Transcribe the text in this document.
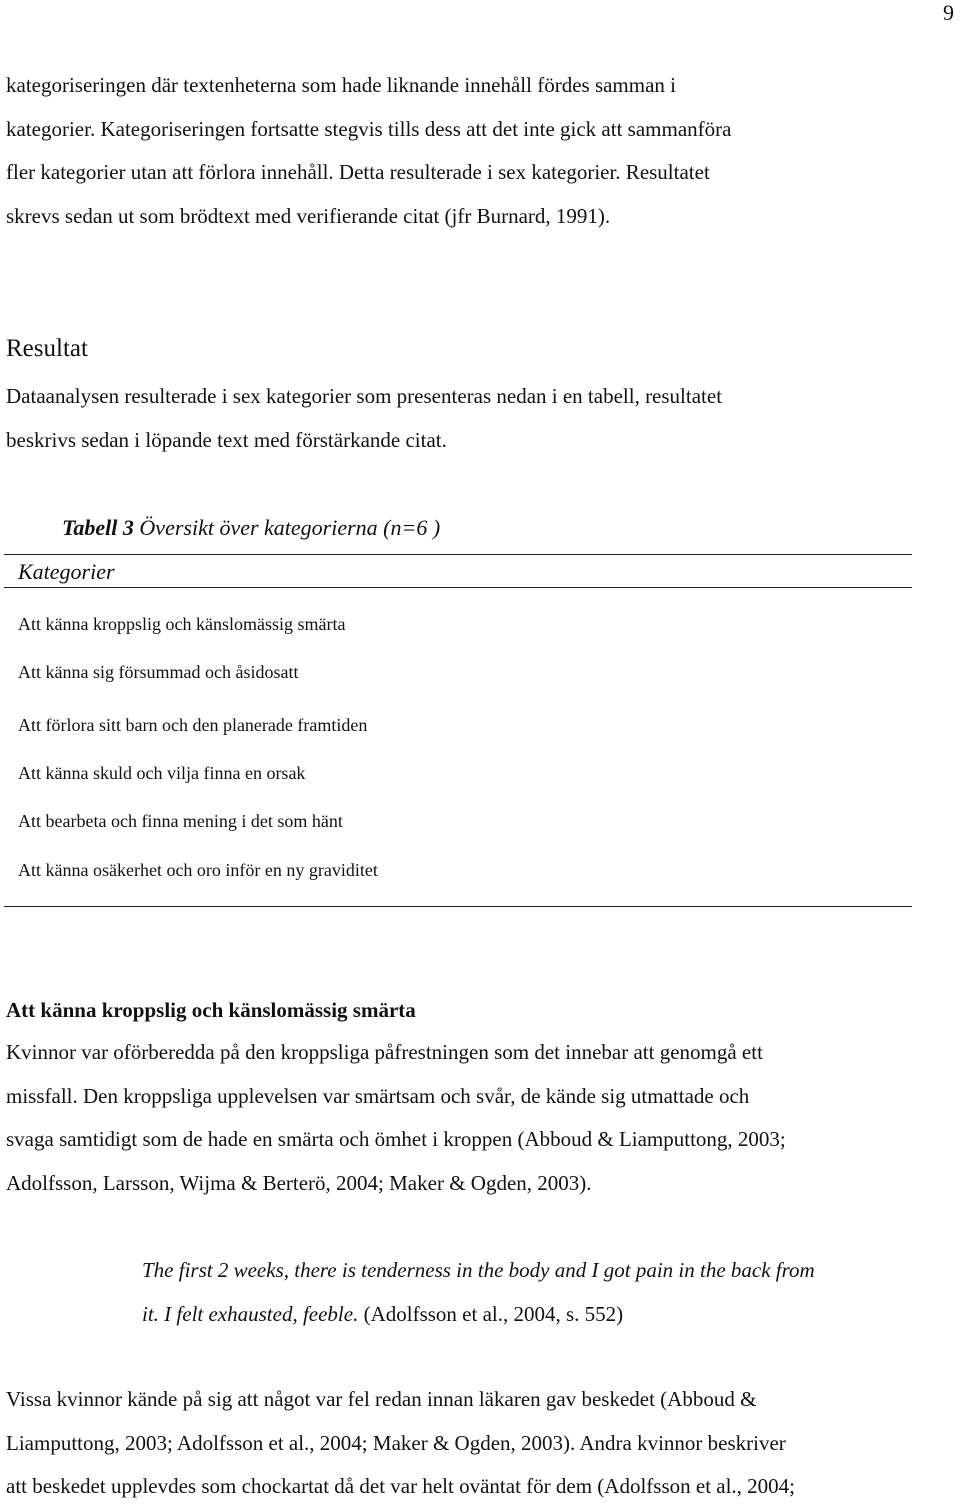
9

kategoriseringen där textenheterna som hade liknande innehåll fördes samman i
kategorier. Kategoriseringen fortsatte stegvis tills dess att det inte gick att sammanföra
fler kategorier utan att förlora innehåll. Detta resulterade i sex kategorier. Resultatet
skrevs sedan ut som brödtext med verifierande citat (jfr Burnard, 1991).

Resultat

Dataanalysen resulterade i sex kategorier som presenteras nedan i en tabell, resultatet
beskrivs sedan i löpande text med förstärkande citat.

Tabell 3 Översikt över kategorierna (n=6 )
Kategorier
Att känna kroppslig och känslomässig smärta
Att känna sig försummad och åsidosatt
Att förlora sitt barn och den planerade framtiden
Att känna skuld och vilja finna en orsak
Att bearbeta och finna mening i det som hänt
Att känna osäkerhet och oro inför en ny graviditet
Att känna kroppslig och känslomässig smärta

Kvinnor var oförberedda på den kroppsliga påfrestningen som det innebar att genomgå ett
missfall. Den kroppsliga upplevelsen var smärtsam och svår, de kände sig utmattade och
svaga samtidigt som de hade en smärta och ömhet i kroppen (Abboud & Liamputtong, 2003;
Adolfsson, Larsson, Wijma & Berterö, 2004; Maker & Ogden, 2003).

The first 2 weeks, there is tenderness in the body and I got pain in the back from
it. I felt exhausted, feeble. (Adolfsson et al., 2004, s. 552)

Vissa kvinnor kände på sig att något var fel redan innan läkaren gav beskedet (Abboud &
Liamputtong, 2003; Adolfsson et al., 2004; Maker & Ogden, 2003). Andra kvinnor beskriver
att beskedet upplevdes som chockartat då det var helt oväntat för dem (Adolfsson et al., 2004;
